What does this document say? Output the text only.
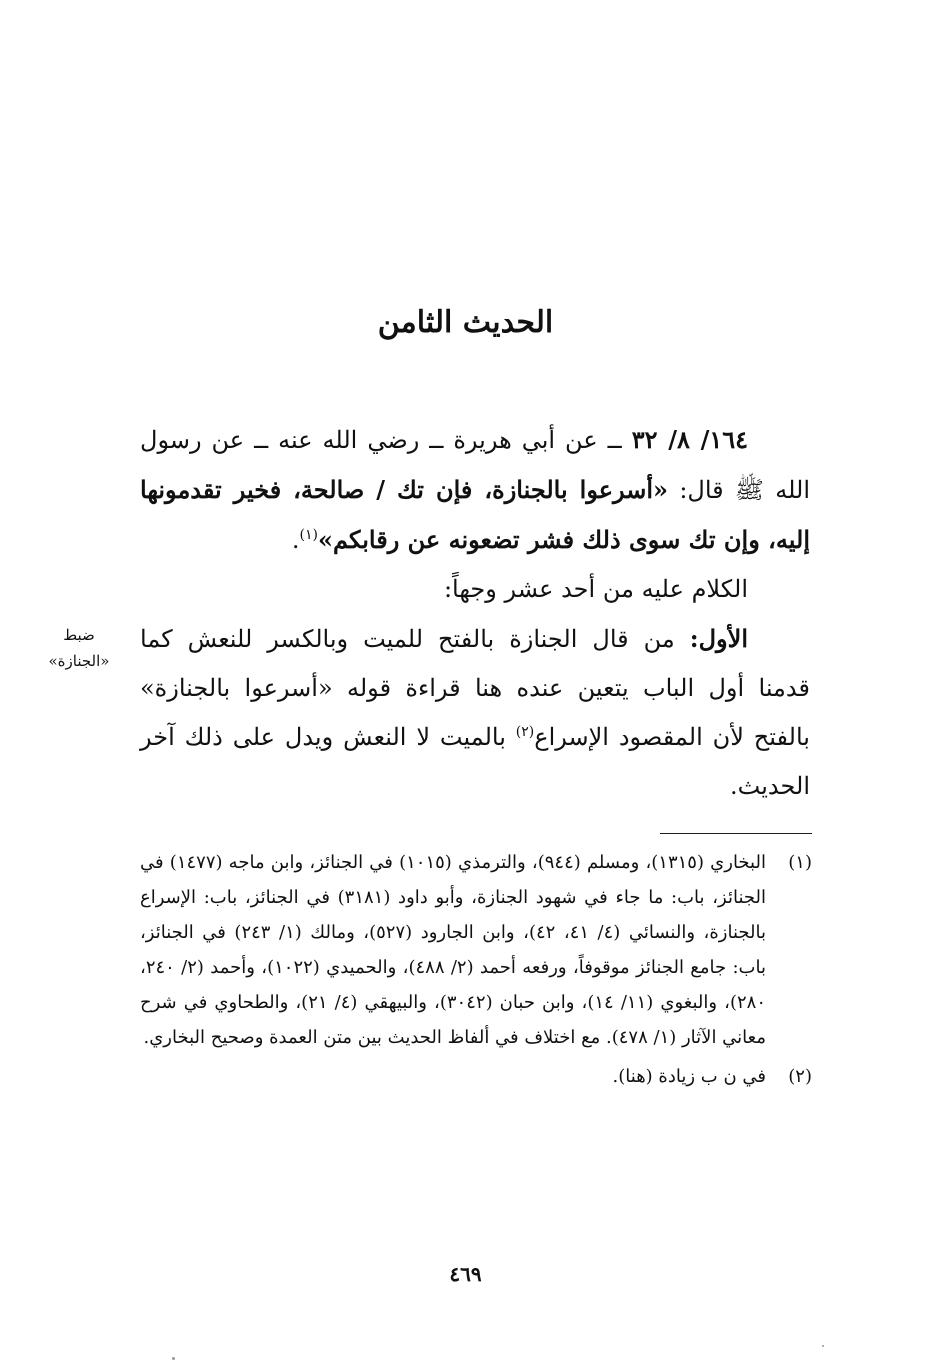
الحديث الثامن

١٦٤/ ٨/ ٣٢ ــ عن أبي هريرة ــ رضي الله عنه ــ عن رسول الله ﷺ قال: «أسرعوا بالجنازة، فإن تك / صالحة، فخير تقدمونها إليه، وإن تك سوى ذلك فشر تضعونه عن رقابكم»$^{(١)}$.

الكلام عليه من أحد عشر وجهاً:

الأول: من قال الجنازة بالفتح للميت وبالكسر للنعش كما قدمنا أول الباب يتعين عنده هنا قراءة قوله «أسرعوا بالجنازة» بالفتح لأن المقصود الإسراع$^{(٢)}$ بالميت لا النعش ويدل على ذلك آخر الحديث.

ضبط
«الجنازة»
(١)
البخاري (١٣١٥)، ومسلم (٩٤٤)، والترمذي (١٠١٥) في الجنائز، وابن ماجه (١٤٧٧) في الجنائز، باب: ما جاء في شهود الجنازة، وأبو داود (٣١٨١) في الجنائز، باب: الإسراع بالجنازة، والنسائي (٤/ ٤١، ٤٢)، وابن الجارود (٥٢٧)، ومالك (١/ ٢٤٣) في الجنائز، باب: جامع الجنائز موقوفاً، ورفعه أحمد (٢/ ٤٨٨)، والحميدي (١٠٢٢)، وأحمد (٢/ ٢٤٠، ٢٨٠)، والبغوي (١١/ ١٤)، وابن حبان (٣٠٤٢)، والبيهقي (٤/ ٢١)، والطحاوي في شرح معاني الآثار (١/ ٤٧٨). مع اختلاف في ألفاظ الحديث بين متن العمدة وصحيح البخاري.
(٢)
في ن ب زيادة (هنا).
٤٦٩
